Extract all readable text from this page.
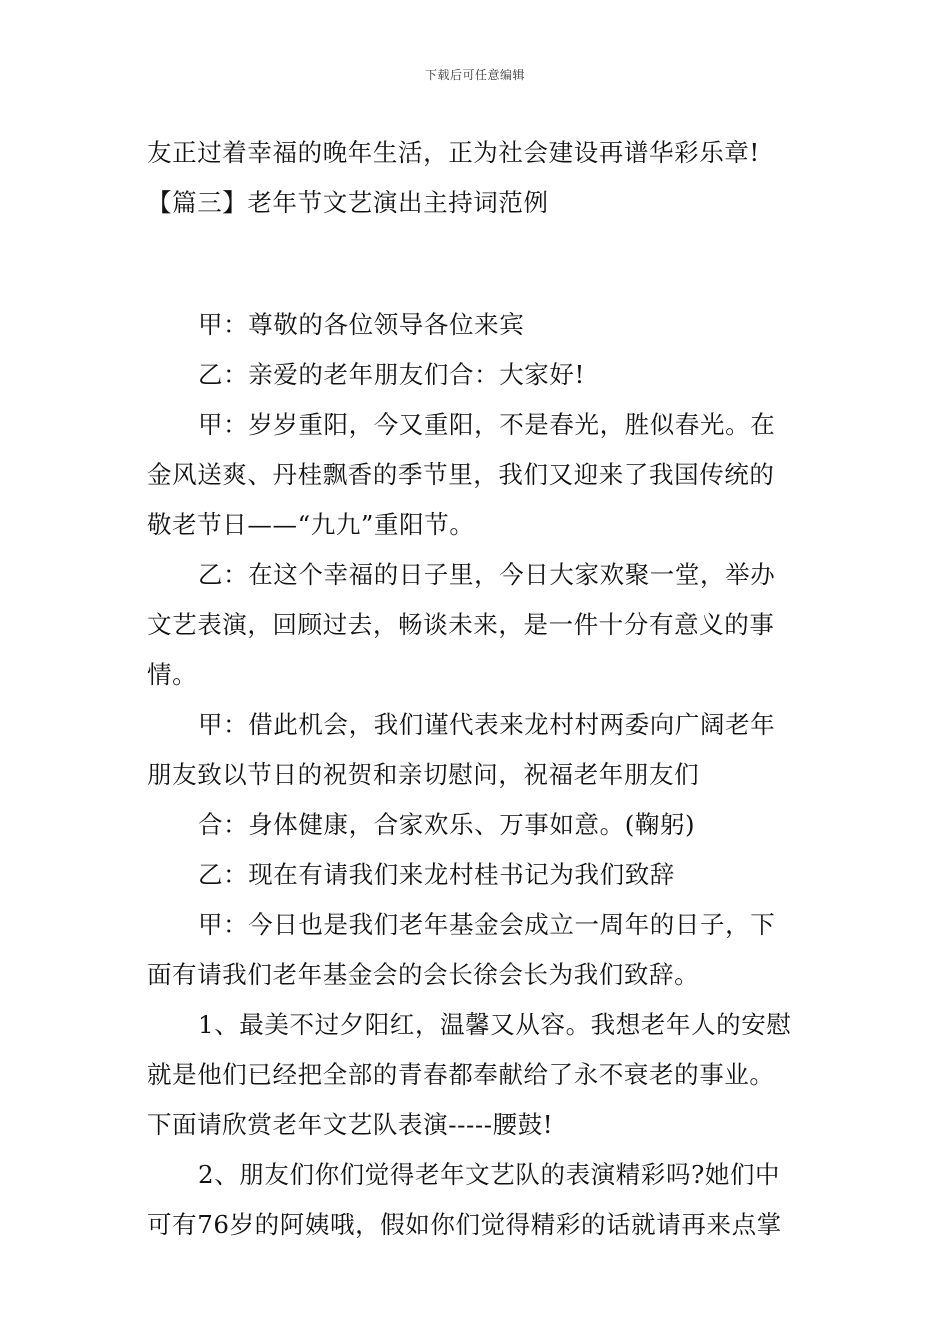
下载后可任意编辑
友正过着幸福的晚年生活，正为社会建设再谱华彩乐章!
【篇三】老年节文艺演出主持词范例
甲：尊敬的各位领导各位来宾
乙：亲爱的老年朋友们合：大家好!
甲：岁岁重阳，今又重阳，不是春光，胜似春光。在
金风送爽、丹桂飘香的季节里，我们又迎来了我国传统的
敬老节日——“九九”重阳节。
乙：在这个幸福的日子里，今日大家欢聚一堂，举办
文艺表演，回顾过去，畅谈未来，是一件十分有意义的事
情。
甲：借此机会，我们谨代表来龙村村两委向广阔老年
朋友致以节日的祝贺和亲切慰问，祝福老年朋友们
合：身体健康，合家欢乐、万事如意。(鞠躬)
乙：现在有请我们来龙村桂书记为我们致辞
甲：今日也是我们老年基金会成立一周年的日子，下
面有请我们老年基金会的会长徐会长为我们致辞。
1、最美不过夕阳红，温馨又从容。我想老年人的安慰
就是他们已经把全部的青春都奉献给了永不衰老的事业。
下面请欣赏老年文艺队表演-----腰鼓!
2、朋友们你们觉得老年文艺队的表演精彩吗?她们中
可有76岁的阿姨哦，假如你们觉得精彩的话就请再来点掌
